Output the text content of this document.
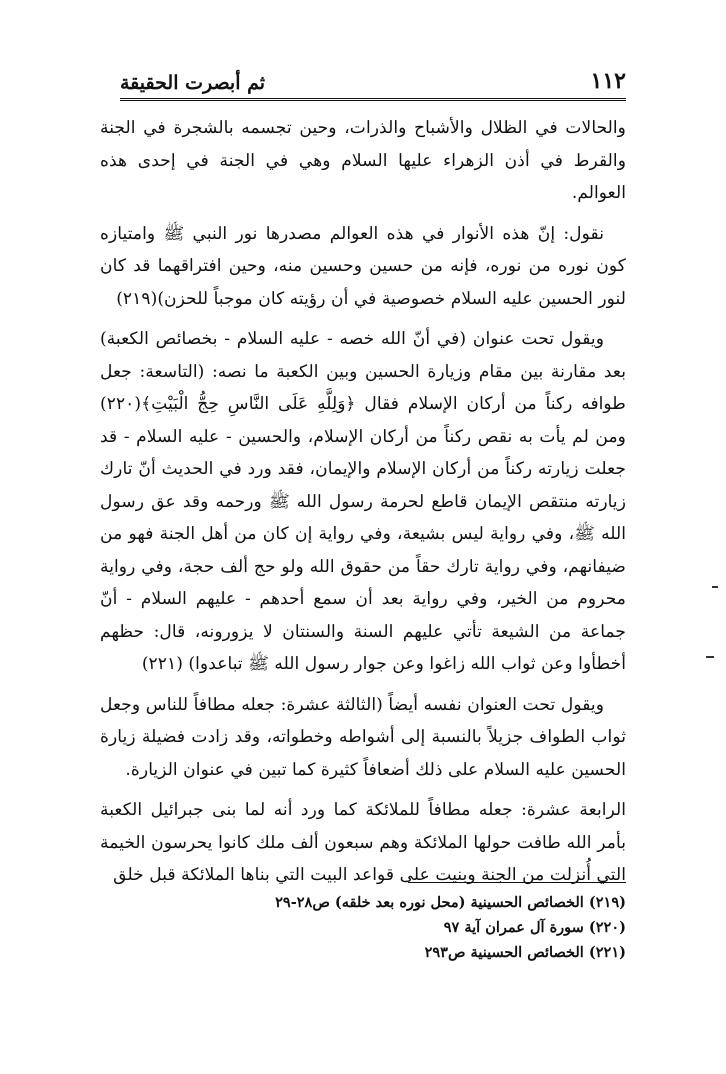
١١٢
ثم أبصرت الحقيقة

والحالات في الظلال والأشباح والذرات، وحين تجسمه بالشجرة في الجنة والقرط في أذن الزهراء عليها السلام وهي في الجنة في إحدى هذه العوالم.

نقول: إنّ هذه الأنوار في هذه العوالم مصدرها نور النبي ﷺ وامتيازه كون نوره من نوره، فإنه من حسين وحسين منه، وحين افتراقهما قد كان لنور الحسين عليه السلام خصوصية في أن رؤيته كان موجباً للحزن)(٢١٩)

ويقول تحت عنوان (في أنّ الله خصه - عليه السلام - بخصائص الكعبة) بعد مقارنة بين مقام وزيارة الحسين وبين الكعبة ما نصه: (التاسعة: جعل طوافه ركناً من أركان الإسلام فقال ﴿وَلِلَّهِ عَلَى النَّاسِ حِجُّ الْبَيْتِ﴾(٢٢٠) ومن لم يأت به نقص ركناً من أركان الإسلام، والحسين - عليه السلام - قد جعلت زيارته ركناً من أركان الإسلام والإيمان، فقد ورد في الحديث أنّ تارك زيارته منتقص الإيمان قاطع لحرمة رسول الله ﷺ ورحمه وقد عق رسول الله ﷺ، وفي رواية ليس بشيعة، وفي رواية إن كان من أهل الجنة فهو من ضيفانهم، وفي رواية تارك حقاً من حقوق الله ولو حج ألف حجة، وفي رواية محروم من الخير، وفي رواية بعد أن سمع أحدهم - عليهم السلام - أنّ جماعة من الشيعة تأتي عليهم السنة والسنتان لا يزورونه، قال: حظهم أخطأوا وعن ثواب الله زاغوا وعن جوار رسول الله ﷺ تباعدوا) (٢٢١)

ويقول تحت العنوان نفسه أيضاً (الثالثة عشرة: جعله مطافاً للناس وجعل ثواب الطواف جزيلاً بالنسبة إلى أشواطه وخطواته، وقد زادت فضيلة زيارة الحسين عليه السلام على ذلك أضعافاً كثيرة كما تبين في عنوان الزيارة.

الرابعة عشرة: جعله مطافاً للملائكة كما ورد أنه لما بنى جبرائيل الكعبة بأمر الله طافت حولها الملائكة وهم سبعون ألف ملك كانوا يحرسون الخيمة التي أُنزلت من الجنة وبنيت على قواعد البيت التي بناها الملائكة قبل خلق

(٢١٩) الخصائص الحسينية (محل نوره بعد خلقه) ص٢٨-٢٩
(٢٢٠) سورة آل عمران آية ٩٧
(٢٢١) الخصائص الحسينية ص٢٩٣
